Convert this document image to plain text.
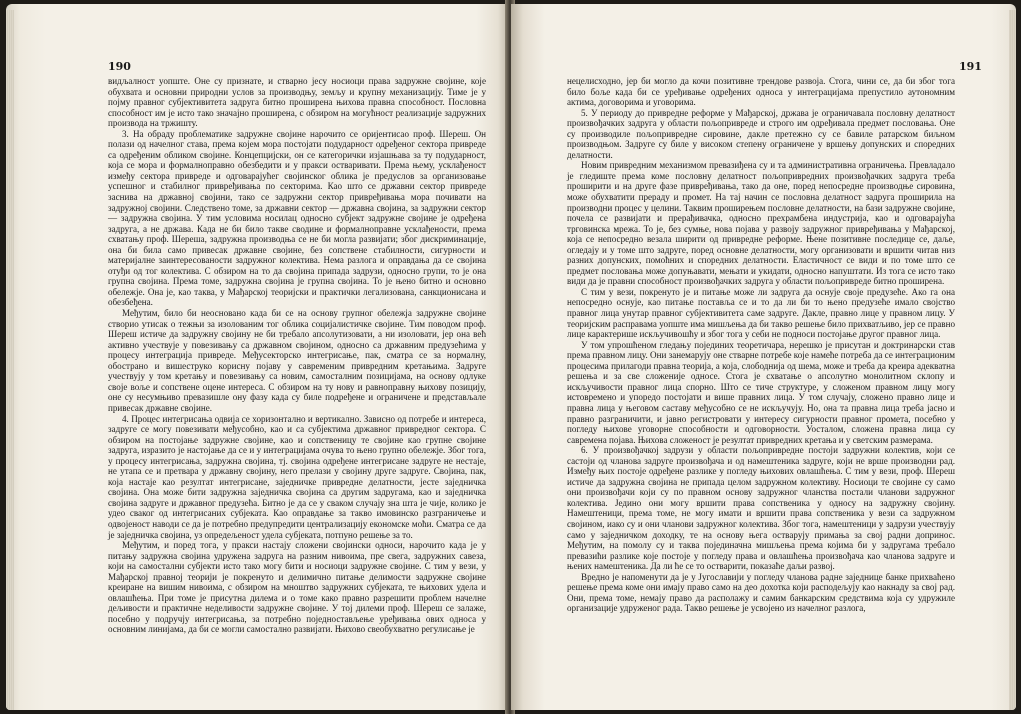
190

видљалност уопште. Оне су признате, и стварно јесу носиоци права задружне својине, које обухвата и основни природни услов за производњу, земљу и крупну механизацију. Тиме је у појму правног субјективитета задруга битно проширена њихова правна способност. Пословна способност им је исто тако значајно проширена, с обзиром на могућност реализације задружних производа на тржишту.

3. На обраду проблематике задружне својине нарочито се оријентисао проф. Шереш. Он полази од начелног става, према којем мора постојати подударност одређеног сектора привреде са одређеним обликом својине. Концепцијски, он се категорички изјашњава за ту подударност, која се мора и формалноправно обезбедити и у пракси остваривати. Према њему, усклађеност између сектора привреде и одговарајућег својинског облика је предуслов за организовање успешног и стабилног привређивања по секторима. Као што се државни сектор привреде заснива на државној својини, тако се задружни сектор привређивања мора почивати на задружној својини. Следствено томе, за државни сектор — државна својина, за задружни сектор — задружна својина. У тим условима носилац односно субјект задружне својине је одређена задруга, а не држава. Када не би било такве сводине и формалноправне усклађености, према схватању проф. Шереша, задружна производња се не би могла развијати; због дискриминације, она би била само привесак државне својине, без сопствене стабилности, сигурности и материјалне заинтересованости задружног колектива. Нема разлога и оправдања да се својина отуђи од тог колектива. С обзиром на то да својина припада задрузи, односно групи, то је она групна својина. Према томе, задружна својина је групна својина. То је њено битно и основно обележје. Она је, као таква, у Мађарској теоријски и практички легализована, санкционисана и обезбеђена.

Међутим, било би неосновано када би се на основу групног обележја задружне својине створио утисак о тежњи за изолованим тог облика социјалистичке својине. Тим поводом проф. Шереш истиче да задружну својину не би требало апсолутизовати, а ни изоловати, јер она већ активно учествује у повезивању са државном својином, односно са државним предузећима у процесу интеграција привреде. Међусекторско интегрисање, пак, сматра се за нормалну, обострано и вишеструко корисну појаву у савременим привредним кретањима. Задруге учествују у том кретању и повезивању са новим, самосталним позицијама, на основу одлуке своје воље и сопствене оцене интереса. С обзиром на ту нову и равноправну њихову позицију, оне су несумњиво превазишле ону фазу када су биле подређене и ограничене и представљале привесак државне својине.

4. Процес интегрисања одвија се хоризонтално и вертикално. Зависно од потребе и интереса, задруге се могу повезивати међусобно, као и са субјектима државног привредног сектора. С обзиром на постојање задружне својине, као и сопственицу те својине као групне својине задруга, изразито је настојање да се и у интеграцијама очува то њено групно обележје. Због тога, у процесу интегрисања, задружна својина, тј. својина одређене интегрисане задруге не нестаје, не утапа се и претвара у државну својину, него прелази у својину друге задруге. Својина, пак, која настаје као резултат интегрисане, заједничке привредне делатности, јесте заједничка својина. Она може бити задружна заједничка својина са другим задругама, као и заједничка својина задруге и државног предузећа. Битно је да се у сваком случају зна шта је чије, колико је удео сваког од интегрисаних субјеката. Као оправдање за такво имовинско разграничење и одвојеност наводи се да је потребно предупредити централизацију економске моћи. Сматра се да је заједничка својина, уз опредељеност удела субјеката, потпуно решење за то.

Међутим, и поред тога, у пракси настају сложени својински односи, нарочито када је у питању задружна својина удружена задруга на разним нивоима, пре свега, задружних савеза, који на самостални субјекти исто тако могу бити и носиоци задружне својине. С тим у вези, у Мађарској правној теорији је покренуто и делимично питање делимости задружне својине креиране на вишим нивоима, с обзиром на мноштво задружних субјеката, те њихових удела и овлашћења. При томе је присутна дилема и о томе како правно разрешити проблем начелне дељивости и практичне неделивости задружне својине. У тој дилеми проф. Шереш се залаже, посебно у подручју интегрисања, за потребно поједностављење уређивања ових односа у основним линијама, да би се могли самостално развијати. Њихово свеобухватно регулисање је

191

нецелисходно, јер би могло да кочи позитивне трендове развоја. Стога, чини се, да би због тога било боље када би се уређивање одређених односа у интеграцијама препустило аутономним актима, договорима и уговорима.

5. У периоду до привредне реформе у Мађарској, држава је ограничавала пословну делатност произвођачких задруга у области пољопривреде и строго им одређивала предмет пословања. Оне су производиле пољопривредне сировине, дакле претежно су се бавиле ратарском биљном производњом. Задруге су биле у високом степену ограничене у вршењу допунских и споредних делатности.

Новим привредним механизмом превазиђена су и та административна ограничења. Превладало је гледиште према коме пословну делатност пољопривредних произвођачких задруга треба проширити и на друге фазе привређивања, тако да оне, поред непосредне производње сировина, може обухватити прераду и промет. На тај начин се пословна делатност задруга проширила на производни процес у целини. Таквим проширењем пословне делатности, на бази задружне својине, почела се развијати и прерађивачка, односно прехрамбена индустрија, као и одговарајућа трговинска мрежа. То је, без сумње, нова појава у развоју задружног привређивања у Мађарској, која се непосредно везала ширити од привредне реформе. Њене позитивне последице се, даље, огледају и у томе што задруге, поред основне делатности, могу организовати и вршити читав низ разних допунских, помоћних и споредних делатности. Еластичност се види и по томе што се предмет пословања може допуњавати, мењати и укидати, односно напуштати. Из тога се исто тако види да је правни способност произвођачких задруга у области пољопривреде битно проширена.

С тим у вези, покренуто је и питање може ли задруга да оснује своје предузеће. Ако га она непосредно оснује, као питање поставља се и то да ли би то њено предузеће имало својство правног лица унутар правног субјективитета саме задруге. Дакле, правно лице у правном лицу. У теоријским расправама уопште има мишљења да би такво решење било прихватљиво, јер се правно лице карактерише искључивошћу и због тога у себи не подноси постојање другог правног лица.

У том упрошћеном гледању појединих теоретичара, нерешко је присутан и доктринарски став према правном лицу. Они занемарују оне стварне потребе које намеће потреба да се интеграционим процесима прилагоди правна теорија, а која, слободнија од шема, може и треба да креира адекватна решења и за све сложеније односе. Стога је схватање о апсолутно монолитном склопу и искључивости правног лица спорно. Што се тиче структуре, у сложеном правном лицу могу истовремено и упоредо постојати и више правних лица. У том случају, сложено правно лице и правна лица у његовом саставу међусобно се не искључују. Но, она та правна лица треба јасно и правно разграничити, и јавно регистровати у интересу сигурности правног промета, посебно у погледу њихове уговорне способности и одговорности. Уосталом, сложена правна лица су савремена појава. Њихова сложеност је резултат привредних кретања и у светским размерама.

6. У произвођачкој задрузи у области пољопривредне постоји задружни колектив, који се састоји од чланова задруге произвођача и од намештеника задруге, који не врше производни рад. Између њих постоје одређене разлике у погледу њихових овлашћења. С тим у вези, проф. Шереш истиче да задружна својина не припада целом задружном колективу. Носиоци те својине су само они произвођачи који су по правном основу задружног чланства постали чланови задружног колектива. Једино они могу вршити права сопственика у односу на задружну својину. Намештеници, према томе, не могу имати и вршити права сопственика у вези са задружном својином, иако су и они чланови задружног колектива. Због тога, намештеници у задрузи учествују само у заједничком доходку, те на основу њега остварују примања за свој радни допринос. Међутим, на помолу су и таква појединачна мишљења према којима би у задругама требало превазићи разлике које постоје у погледу права и овлашћења произвођача као чланова задруге и њених намештеника. Да ли ће се то остварити, показаће даљи развој.

Вредно је напоменути да је у Југославији у погледу чланова радне заједнице банке прихваћено решење према коме они имају право само на део дохотка који расподељују као накнаду за свој рад. Они, према томе, немају право да располажу и самим банкарским средствима која су удружиле организације удруженог рада. Такво решење је усвојено из начелног разлога,
